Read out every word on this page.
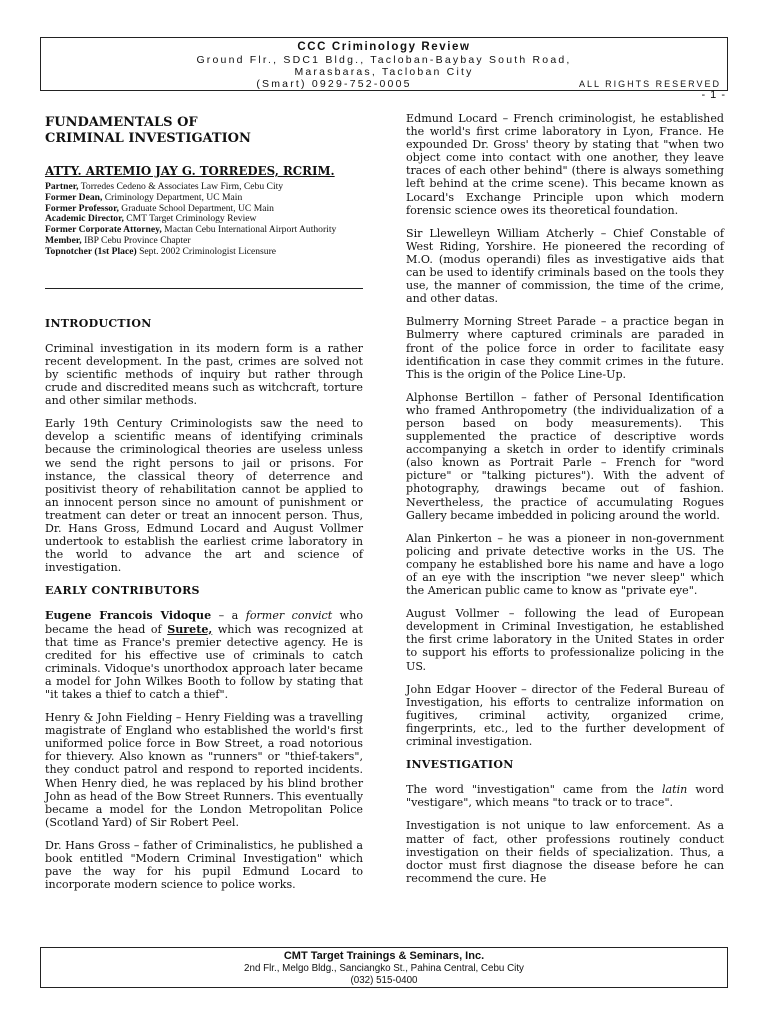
CCC Criminology Review
Ground Flr., SDC1 Bldg., Tacloban-Baybay South Road,
Marasbaras, Tacloban City
(Smart) 0929-752-0005	ALL RIGHTS RESERVED
- 1 -

FUNDAMENTALS OF
CRIMINAL INVESTIGATION

ATTY. ARTEMIO JAY G. TORREDES, RCRIM.

Partner, Torredes Cedeno & Associates Law Firm, Cebu City

Former Dean, Criminology Department, UC Main

Former Professor, Graduate School Department, UC Main

Academic Director, CMT Target Criminology Review

Former Corporate Attorney, Mactan Cebu International Airport Authority

Member, IBP Cebu Province Chapter

Topnotcher (1st Place) Sept. 2002 Criminologist Licensure

INTRODUCTION

Criminal investigation in its modern form is a rather recent development. In the past, crimes are solved not by scientific methods of inquiry but rather through crude and discredited means such as witchcraft, torture and other similar methods.

Early 19th Century Criminologists saw the need to develop a scientific means of identifying criminals because the criminological theories are useless unless we send the right persons to jail or prisons. For instance, the classical theory of deterrence and positivist theory of rehabilitation cannot be applied to an innocent person since no amount of punishment or treatment can deter or treat an innocent person. Thus, Dr. Hans Gross, Edmund Locard and August Vollmer undertook to establish the earliest crime laboratory in the world to advance the art and science of investigation.

EARLY CONTRIBUTORS

Eugene Francois Vidoque – a former convict who became the head of Surete, which was recognized at that time as France's premier detective agency. He is credited for his effective use of criminals to catch criminals. Vidoque's unorthodox approach later became a model for John Wilkes Booth to follow by stating that "it takes a thief to catch a thief".

Henry & John Fielding – Henry Fielding was a travelling magistrate of England who established the world's first uniformed police force in Bow Street, a road notorious for thievery. Also known as "runners" or "thief-takers", they conduct patrol and respond to reported incidents. When Henry died, he was replaced by his blind brother John as head of the Bow Street Runners. This eventually became a model for the London Metropolitan Police (Scotland Yard) of Sir Robert Peel.

Dr. Hans Gross – father of Criminalistics, he published a book entitled "Modern Criminal Investigation" which pave the way for his pupil Edmund Locard to incorporate modern science to police works.

Edmund Locard – French criminologist, he established the world's first crime laboratory in Lyon, France. He expounded Dr. Gross' theory by stating that "when two object come into contact with one another, they leave traces of each other behind" (there is always something left behind at the crime scene). This became known as Locard's Exchange Principle upon which modern forensic science owes its theoretical foundation.

Sir Llewelleyn William Atcherly – Chief Constable of West Riding, Yorshire. He pioneered the recording of M.O. (modus operandi) files as investigative aids that can be used to identify criminals based on the tools they use, the manner of commission, the time of the crime, and other datas.

Bulmerry Morning Street Parade – a practice began in Bulmerry where captured criminals are paraded in front of the police force in order to facilitate easy identification in case they commit crimes in the future. This is the origin of the Police Line-Up.

Alphonse Bertillon – father of Personal Identification who framed Anthropometry (the individualization of a person based on body measurements). This supplemented the practice of descriptive words accompanying a sketch in order to identify criminals (also known as Portrait Parle – French for "word picture" or "talking pictures"). With the advent of photography, drawings became out of fashion. Nevertheless, the practice of accumulating Rogues Gallery became imbedded in policing around the world.

Alan Pinkerton – he was a pioneer in non-government policing and private detective works in the US. The company he established bore his name and have a logo of an eye with the inscription "we never sleep" which the American public came to know as "private eye".

August Vollmer – following the lead of European development in Criminal Investigation, he established the first crime laboratory in the United States in order to support his efforts to professionalize policing in the US.

John Edgar Hoover – director of the Federal Bureau of Investigation, his efforts to centralize information on fugitives, criminal activity, organized crime, fingerprints, etc., led to the further development of criminal investigation.

INVESTIGATION

The word "investigation" came from the latin word "vestigare", which means "to track or to trace".

Investigation is not unique to law enforcement. As a matter of fact, other professions routinely conduct investigation on their fields of specialization. Thus, a doctor must first diagnose the disease before he can recommend the cure. He

CMT Target Trainings & Seminars, Inc.
2nd Flr., Melgo Bldg., Sanciangko St., Pahina Central, Cebu City
(032) 515-0400
